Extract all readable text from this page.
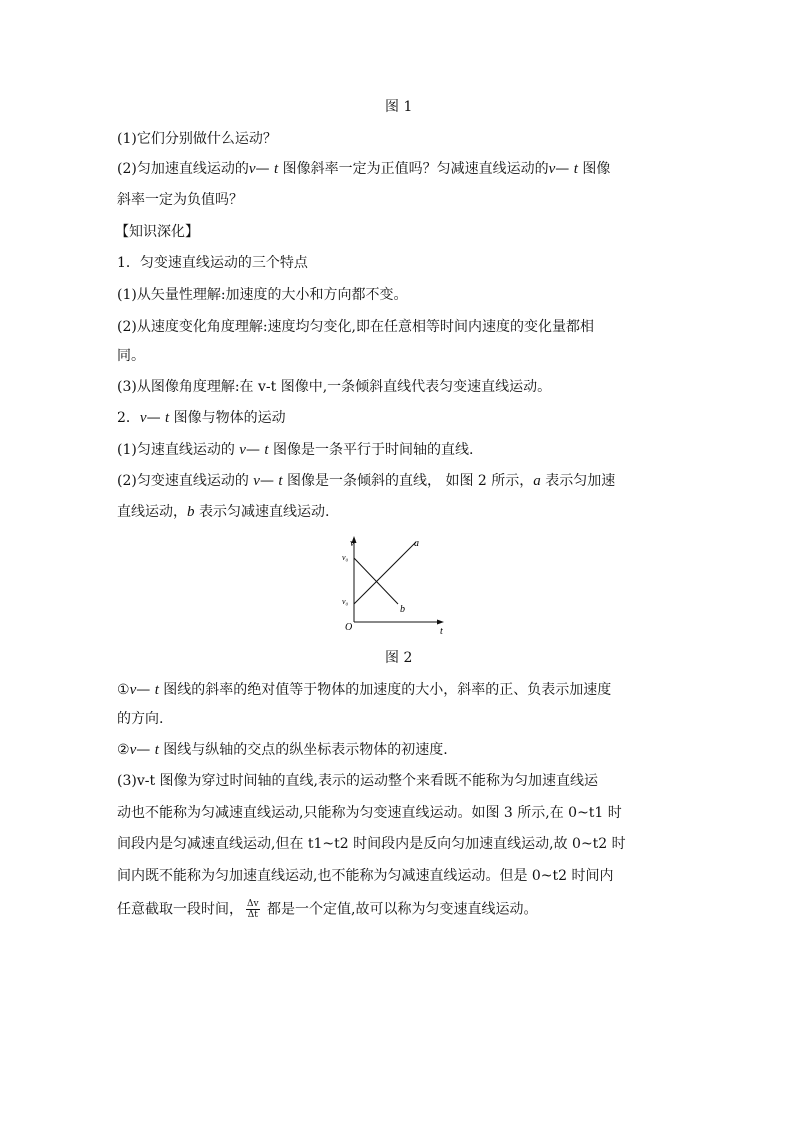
图 1
(1)它们分别做什么运动？
(2)匀加速直线运动的v— t 图像斜率一定为正值吗？匀减速直线运动的v— t 图像
斜率一定为负值吗？
【知识深化】
1．匀变速直线运动的三个特点
(1)从矢量性理解:加速度的大小和方向都不变。
(2)从速度变化角度理解:速度均匀变化,即在任意相等时间内速度的变化量都相
同。
(3)从图像角度理解:在 v-t 图像中,一条倾斜直线代表匀变速直线运动。
2．v— t 图像与物体的运动
(1)匀速直线运动的 v— t 图像是一条平行于时间轴的直线.
(2)匀变速直线运动的 v— t 图像是一条倾斜的直线， 如图 2 所示，a 表示匀加速
直线运动，b 表示匀减速直线运动.
v
t
O
v₀
v₀
a
b
图 2
①v— t 图线的斜率的绝对值等于物体的加速度的大小，斜率的正、负表示加速度
的方向.
②v— t 图线与纵轴的交点的纵坐标表示物体的初速度.
(3)v-t 图像为穿过时间轴的直线,表示的运动整个来看既不能称为匀加速直线运
动也不能称为匀减速直线运动,只能称为匀变速直线运动。如图 3 所示,在 0~t1 时
间段内是匀减速直线运动,但在 t1~t2 时间段内是反向匀加速直线运动,故 0~t2 时
间内既不能称为匀加速直线运动,也不能称为匀减速直线运动。但是 0~t2 时间内
任意截取一段时间， $\frac{\Delta v}{\Delta t}$ 都是一个定值,故可以称为匀变速直线运动。
